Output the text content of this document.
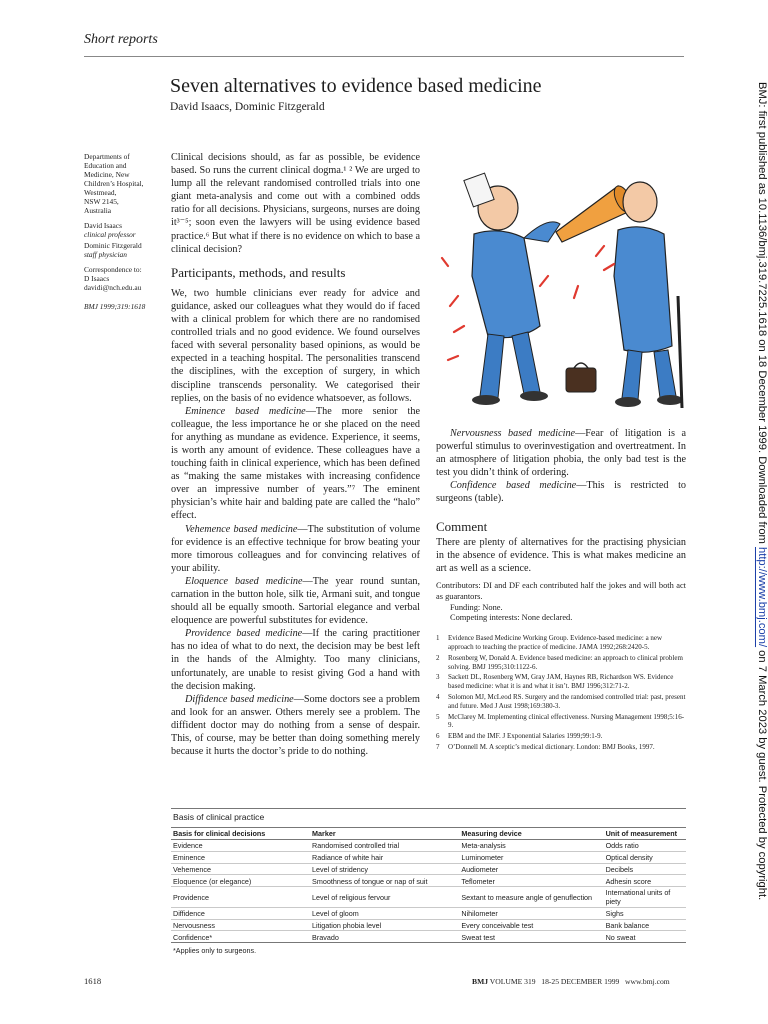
Short reports
Seven alternatives to evidence based medicine
David Isaacs, Dominic Fitzgerald

Departments of
Education and
Medicine, New
Children’s Hospital,
Westmead,
NSW 2145,
Australia

David Isaacs
clinical professor
Dominic Fitzgerald
staff physician

Correspondence to:
D Isaacs
davidi@nch.edu.au

BMJ 1999;319:1618

Clinical decisions should, as far as possible, be evidence based. So runs the current clinical dogma.¹ ² We are urged to lump all the relevant randomised controlled trials into one giant meta-analysis and come out with a combined odds ratio for all decisions. Physicians, surgeons, nurses are doing it³⁻⁵; soon even the lawyers will be using evidence based practice.⁶ But what if there is no evidence on which to base a clinical decision?

Participants, methods, and results

We, two humble clinicians ever ready for advice and guidance, asked our colleagues what they would do if faced with a clinical problem for which there are no randomised controlled trials and no good evidence. We found ourselves faced with several personality based opinions, as would be expected in a teaching hospital. The personalities transcend the disciplines, with the exception of surgery, in which discipline transcends personality. We categorised their replies, on the basis of no evidence whatsoever, as follows.

Eminence based medicine—The more senior the colleague, the less importance he or she placed on the need for anything as mundane as evidence. Experience, it seems, is worth any amount of evidence. These colleagues have a touching faith in clinical experience, which has been defined as “making the same mistakes with increasing confidence over an impressive number of years.”⁷ The eminent physician’s white hair and balding pate are called the “halo” effect.

Vehemence based medicine—The substitution of volume for evidence is an effective technique for brow beating your more timorous colleagues and for convincing relatives of your ability.

Eloquence based medicine—The year round suntan, carnation in the button hole, silk tie, Armani suit, and tongue should all be equally smooth. Sartorial elegance and verbal eloquence are powerful substitutes for evidence.

Providence based medicine—If the caring practitioner has no idea of what to do next, the decision may be best left in the hands of the Almighty. Too many clinicians, unfortunately, are unable to resist giving God a hand with the decision making.

Diffidence based medicine—Some doctors see a problem and look for an answer. Others merely see a problem. The diffident doctor may do nothing from a sense of despair. This, of course, may be better than doing something merely because it hurts the doctor’s pride to do nothing.

Nervousness based medicine—Fear of litigation is a powerful stimulus to overinvestigation and overtreatment. In an atmosphere of litigation phobia, the only bad test is the test you didn’t think of ordering.

Confidence based medicine—This is restricted to surgeons (table).

Comment

There are plenty of alternatives for the practising physician in the absence of evidence. This is what makes medicine an art as well as a science.

Contributors: DI and DF each contributed half the jokes and will both act as guarantors.

Funding: None.

Competing interests: None declared.

1	Evidence Based Medicine Working Group. Evidence-based medicine: a new approach to teaching the practice of medicine. JAMA 1992;268:2420-5.
2	Rosenberg W, Donald A. Evidence based medicine: an approach to clinical problem solving. BMJ 1995;310:1122-6.
3	Sackett DL, Rosenberg WM, Gray JAM, Haynes RB, Richardson WS. Evidence based medicine: what it is and what it isn’t. BMJ 1996;312:71-2.
4	Solomon MJ, McLeod RS. Surgery and the randomised controlled trial: past, present and future. Med J Aust 1998;169:380-3.
5	McClarey M. Implementing clinical effectiveness. Nursing Management 1998;5:16-9.
6	EBM and the IMF. J Exponential Salaries 1999;99:1-9.
7	O’Donnell M. A sceptic’s medical dictionary. London: BMJ Books, 1997.
Basis of clinical practice
Basis for clinical decisions	Marker	Measuring device	Unit of measurement
Evidence	Randomised controlled trial	Meta-analysis	Odds ratio
Eminence	Radiance of white hair	Luminometer	Optical density
Vehemence	Level of stridency	Audiometer	Decibels
Eloquence (or elegance)	Smoothness of tongue or nap of suit	Teflometer	Adhesin score
Providence	Level of religious fervour	Sextant to measure angle of genuflection	International units of piety
Diffidence	Level of gloom	Nihilometer	Sighs
Nervousness	Litigation phobia level	Every conceivable test	Bank balance
Confidence*	Bravado	Sweat test	No sweat
*Applies only to surgeons.
1618	BMJ VOLUME 319 18-25 DECEMBER 1999 www.bmj.com
BMJ: first published as 10.1136/bmj.319.7225.1618 on 18 December 1999. Downloaded from http://www.bmj.com/ on 7 March 2023 by guest. Protected by copyright.
